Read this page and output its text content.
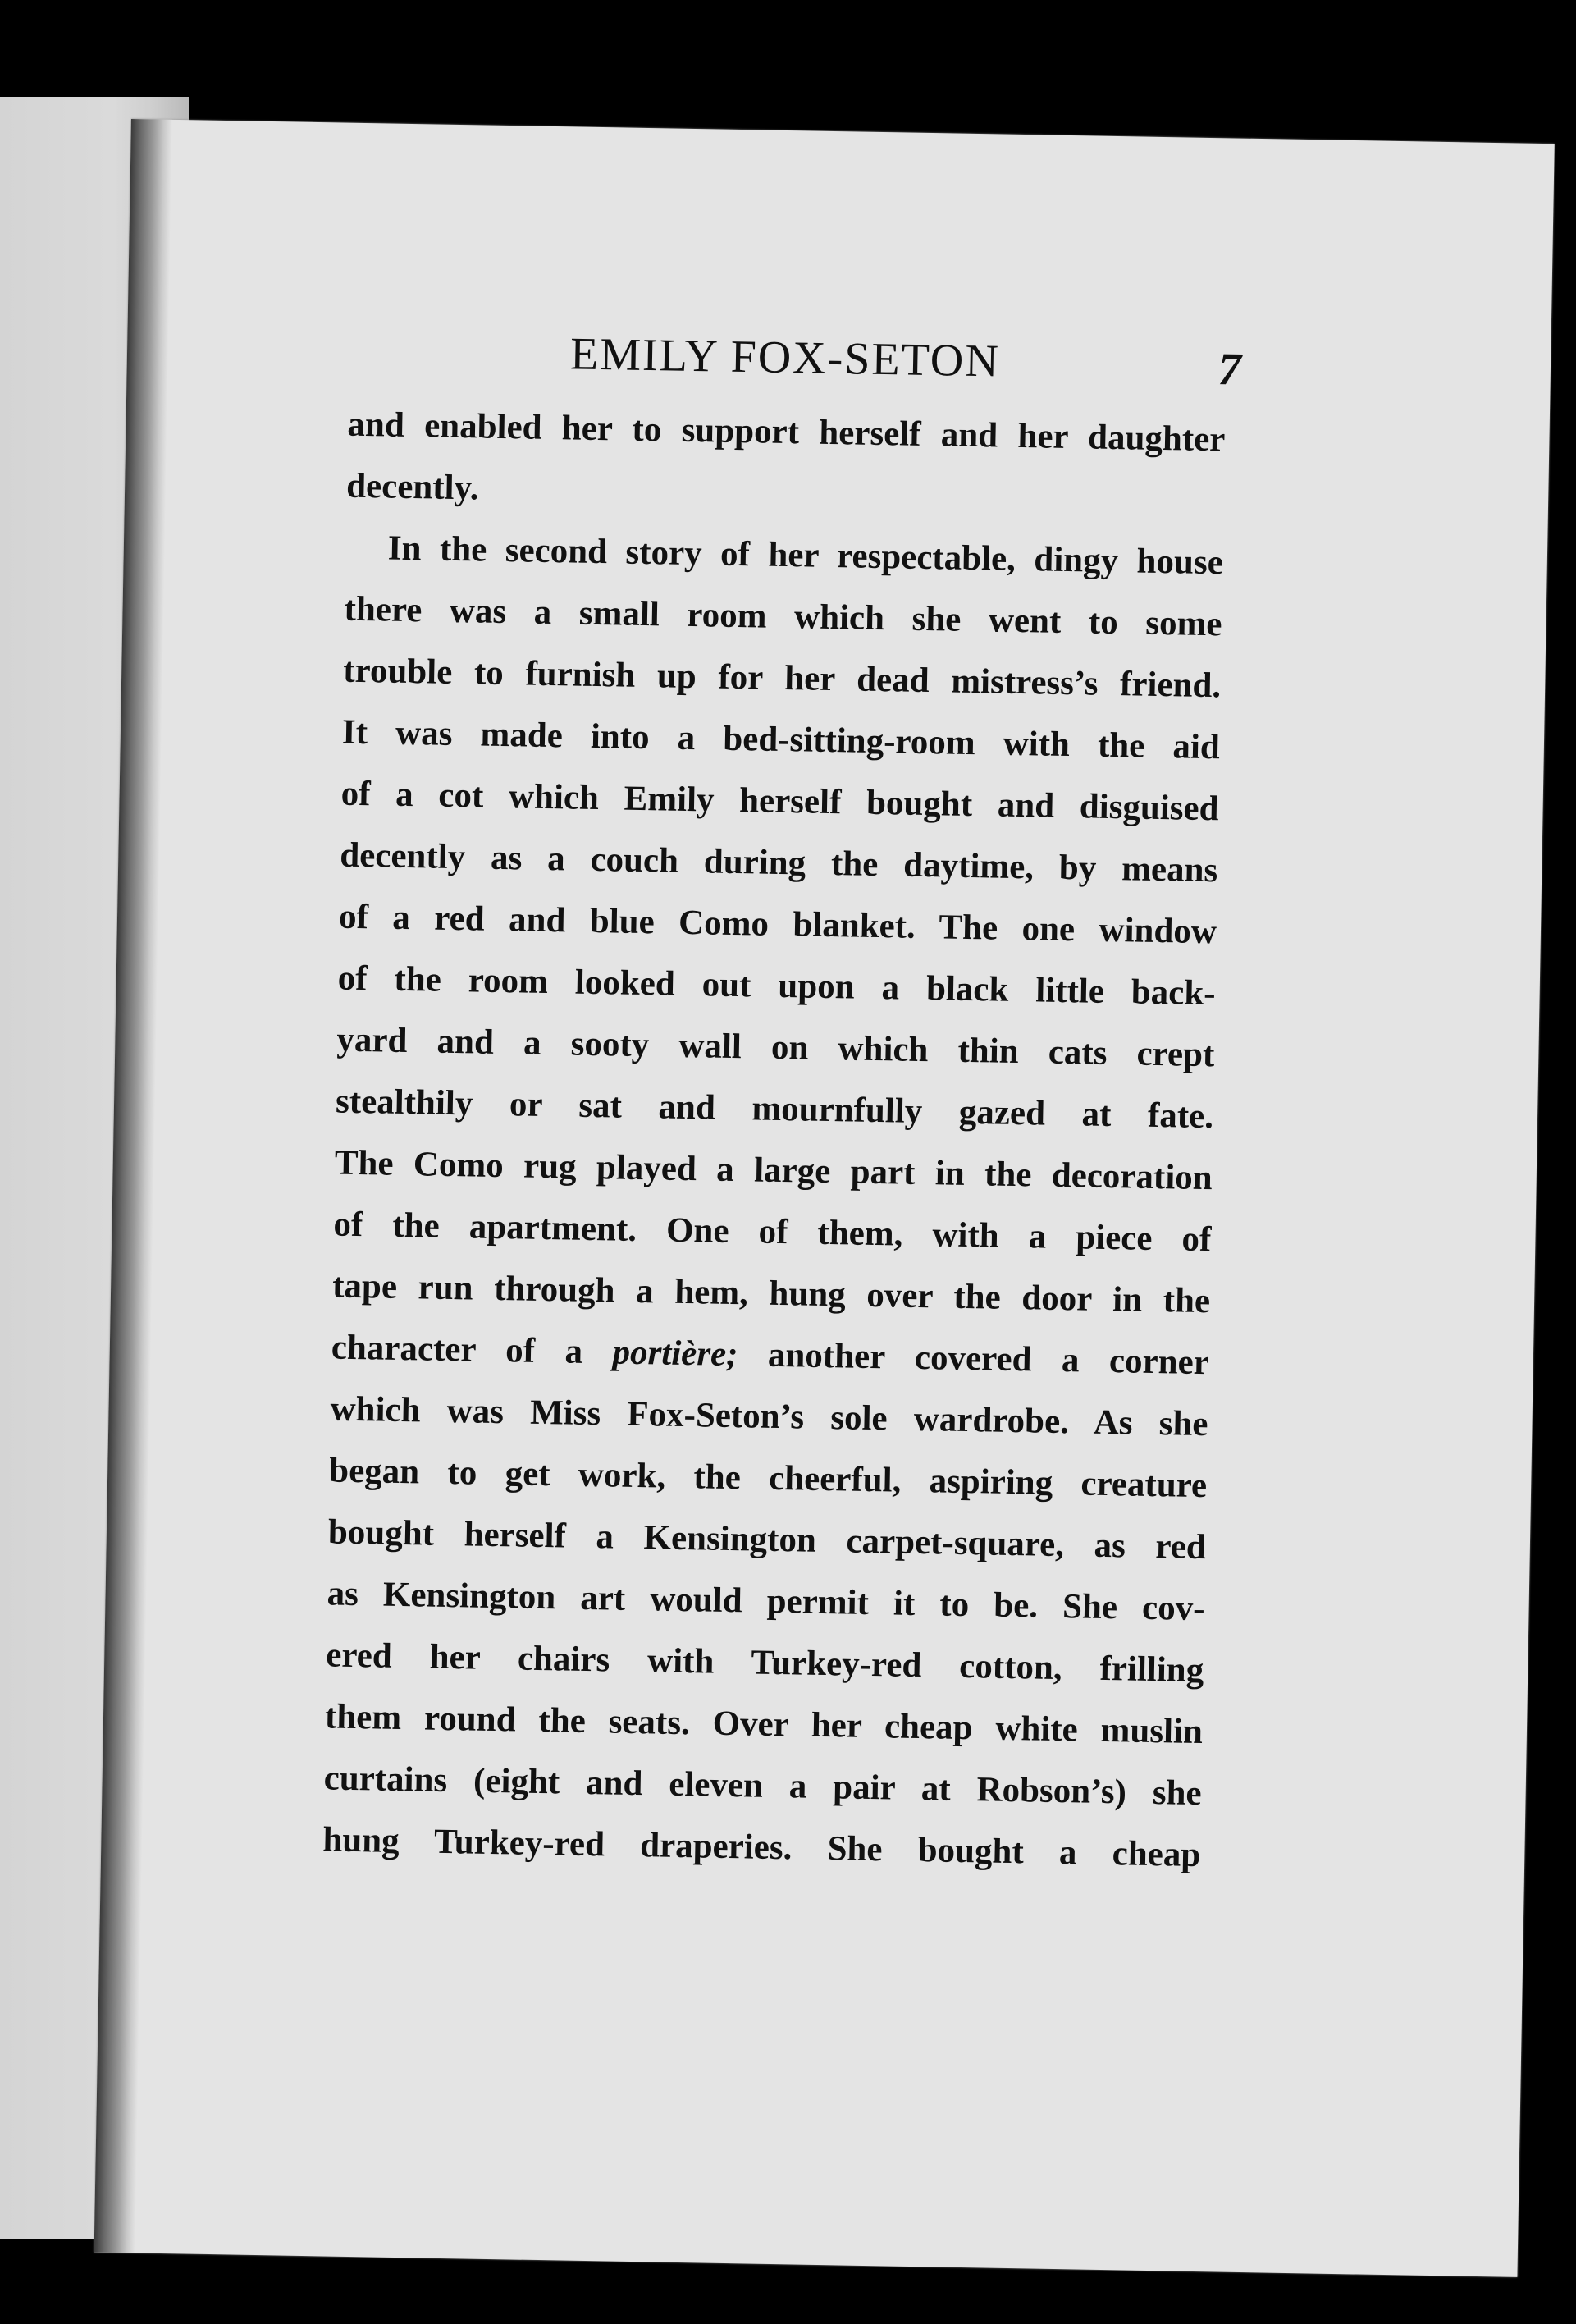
EMILY FOX-SETON	7
and enabled her to support herself and her daughter
decently.
In the second story of her respectable, dingy house
there was a small room which she went to some
trouble to furnish up for her dead mistress’s friend.
It was made into a bed-sitting-room with the aid
of a cot which Emily herself bought and disguised
decently as a couch during the daytime, by means
of a red and blue Como blanket. The one window
of the room looked out upon a black little back-
yard and a sooty wall on which thin cats crept
stealthily or sat and mournfully gazed at fate.
The Como rug played a large part in the decoration
of the apartment. One of them, with a piece of
tape run through a hem, hung over the door in the
character of a portière; another covered a corner
which was Miss Fox-Seton’s sole wardrobe. As she
began to get work, the cheerful, aspiring creature
bought herself a Kensington carpet-square, as red
as Kensington art would permit it to be. She cov-
ered her chairs with Turkey-red cotton, frilling
them round the seats. Over her cheap white muslin
curtains (eight and eleven a pair at Robson’s) she
hung Turkey-red draperies. She bought a cheap
